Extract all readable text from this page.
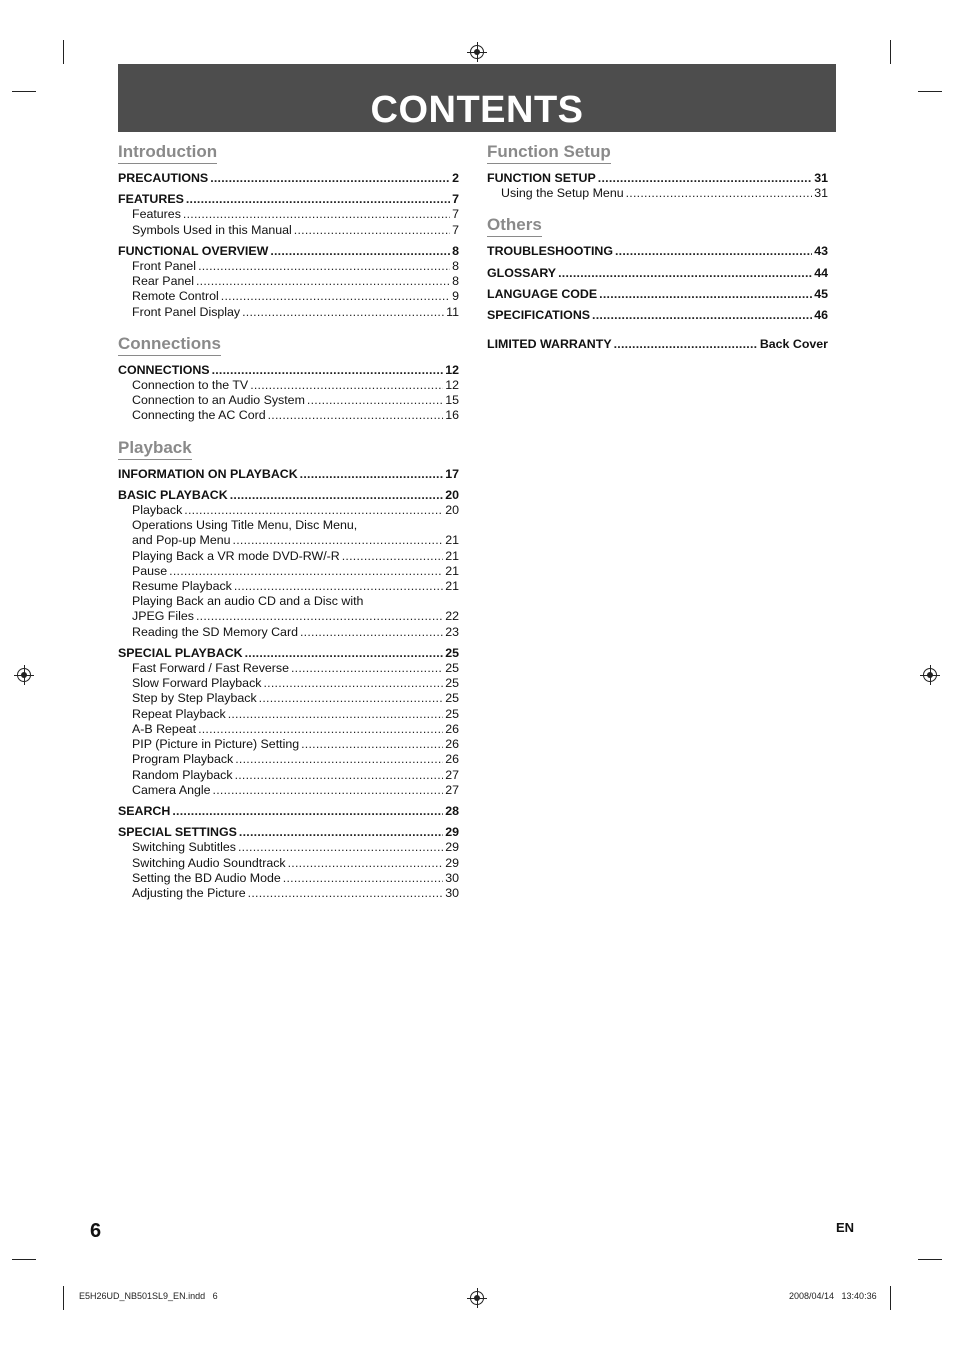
CONTENTS
Introduction
PRECAUTIONS . . .	2
FEATURES . . .	7
Features . . .	7
Symbols Used in this Manual . . .	7
FUNCTIONAL OVERVIEW . . .	8
Front Panel . . .	8
Rear Panel . . .	8
Remote Control . . .	9
Front Panel Display . . .	11
Connections
CONNECTIONS . . .	12
Connection to the TV . . .	12
Connection to an Audio System . . .	15
Connecting the AC Cord . . .	16
Playback
INFORMATION ON PLAYBACK . . .	17
BASIC PLAYBACK . . .	20
Playback . . .	20
Operations Using Title Menu, Disc Menu,
and Pop-up Menu . . .	21
Playing Back a VR mode DVD-RW/-R . . .	21
Pause . . .	21
Resume Playback . . .	21
Playing Back an audio CD and a Disc with
JPEG Files . . .	22
Reading the SD Memory Card . . .	23
SPECIAL PLAYBACK . . .	25
Fast Forward / Fast Reverse . . .	25
Slow Forward Playback . . .	25
Step by Step Playback . . .	25
Repeat Playback . . .	25
A-B Repeat . . .	26
PIP (Picture in Picture) Setting . . .	26
Program Playback . . .	26
Random Playback . . .	27
Camera Angle . . .	27
SEARCH . . .	28
SPECIAL SETTINGS . . .	29
Switching Subtitles . . .	29
Switching Audio Soundtrack . . .	29
Setting the BD Audio Mode . . .	30
Adjusting the Picture . . .	30
Function Setup
FUNCTION SETUP . . .	31
Using the Setup Menu . . .	31
Others
TROUBLESHOOTING . . .	43
GLOSSARY . . .	44
LANGUAGE CODE . . .	45
SPECIFICATIONS . . .	46
LIMITED WARRANTY . . .	Back Cover
6	EN
E5H26UD_NB501SL9_EN.indd   6	2008/04/14   13:40:36
